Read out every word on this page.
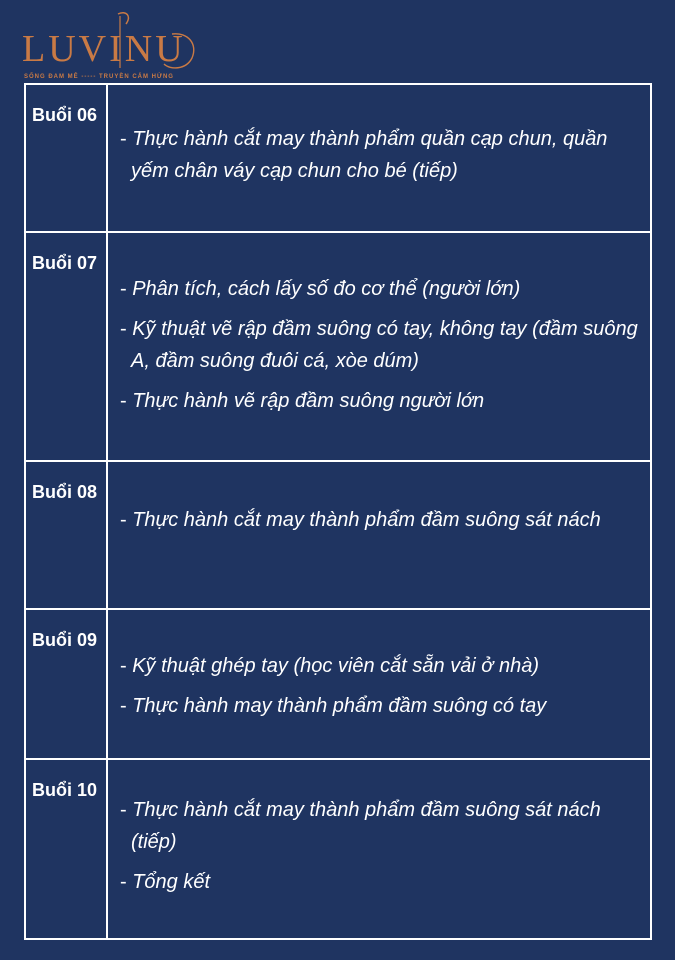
LUVINU
SỐNG ĐAM MÊ ----- TRUYỀN CẢM HỨNG
Buổi 06	- Thực hành cắt may thành phẩm quần cạp chun, quần yếm chân váy cạp chun cho bé (tiếp)

Buổi 07	- Phân tích, cách lấy số đo cơ thể (người lớn)
- Kỹ thuật vẽ rập đầm suông có tay, không tay (đầm suông A, đầm suông đuôi cá, xòe dúm)
- Thực hành vẽ rập đầm suông người lớn

Buổi 08	- Thực hành cắt may thành phẩm đầm suông sát nách

Buổi 09	- Kỹ thuật ghép tay (học viên cắt sẵn vải ở nhà)
- Thực hành may thành phẩm đầm suông có tay

Buổi 10	- Thực hành cắt may thành phẩm đầm suông sát nách (tiếp)
- Tổng kết
